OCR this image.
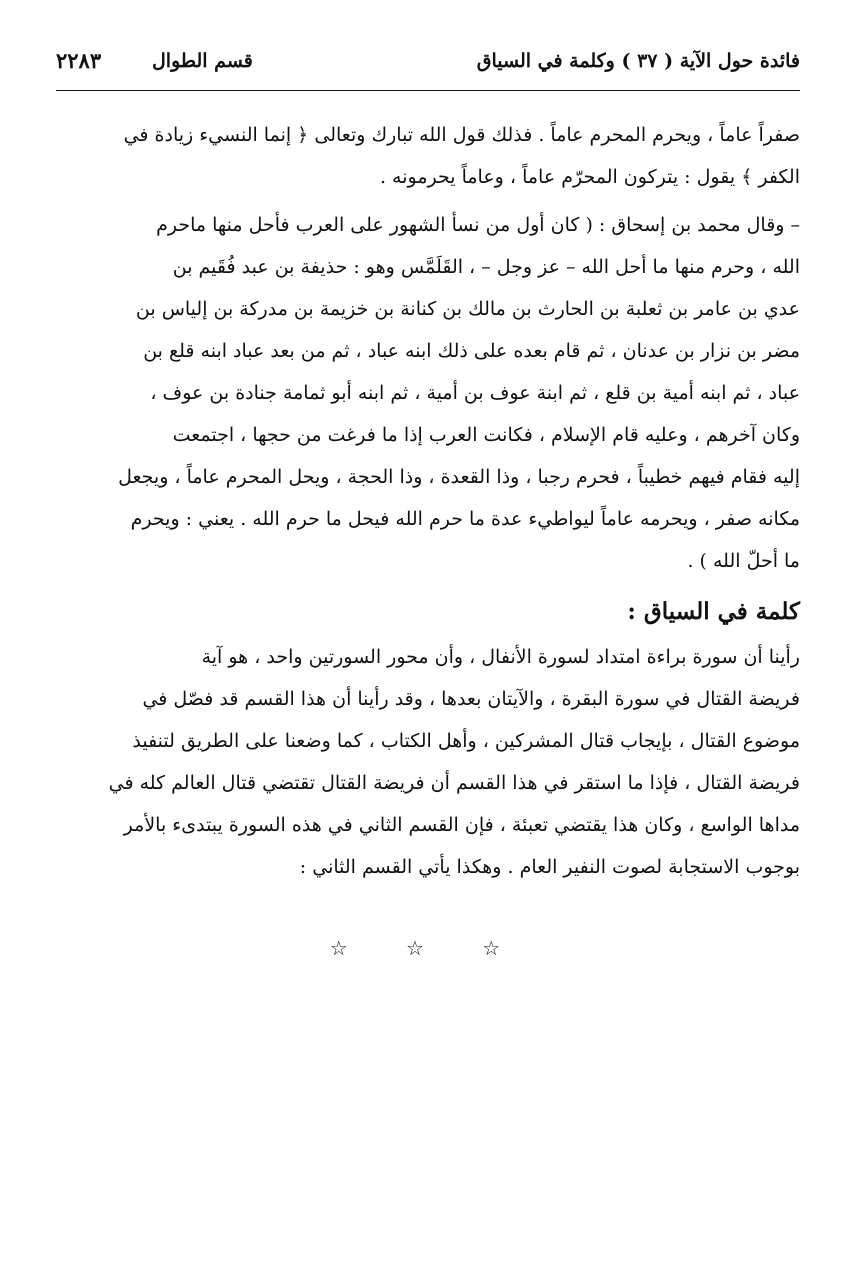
فائدة حول الآية ( ٣٧ ) وكلمة في السياق
قسم الطوال
٢٢٨٣
صفراً عاماً ، ويحرم المحرم عاماً . فذلك قول الله تبارك وتعالى ﴿ إنما النسيء زيادة في
الكفر ﴾ يقول : يتركون المحرّم عاماً ، وعاماً يحرمونه .
– وقال محمد بن إسحاق : ( كان أول من نسأ الشهور على العرب فأحل منها ماحرم
الله ، وحرم منها ما أحل الله – عز وجل – ، القَلَمَّس وهو : حذيفة بن عبد فُقَيم بن
عدي بن عامر بن ثعلبة بن الحارث بن مالك بن كنانة بن خزيمة بن مدركة بن إلياس بن
مضر بن نزار بن عدنان ، ثم قام بعده على ذلك ابنه عباد ، ثم من بعد عباد ابنه قلع بن
عباد ، ثم ابنه أمية بن قلع ، ثم ابنة عوف بن أمية ، ثم ابنه أبو ثمامة جنادة بن عوف ،
وكان آخرهم ، وعليه قام الإسلام ، فكانت العرب إذا ما فرغت من حجها ، اجتمعت
إليه فقام فيهم خطيباً ، فحرم رجبا ، وذا القعدة ، وذا الحجة ، ويحل المحرم عاماً ، ويجعل
مكانه صفر ، ويحرمه عاماً ليواطيء عدة ما حرم الله فيحل ما حرم الله . يعني : ويحرم
ما أحلّ الله ) .
كلمة في السياق :
رأينا أن سورة براءة امتداد لسورة الأنفال ، وأن محور السورتين واحد ، هو آية
فريضة القتال في سورة البقرة ، والآيتان بعدها ، وقد رأينا أن هذا القسم قد فصّل في
موضوع القتال ، بإيجاب قتال المشركين ، وأهل الكتاب ، كما وضعنا على الطريق لتنفيذ
فريضة القتال ، فإذا ما استقر في هذا القسم أن فريضة القتال تقتضي قتال العالم كله في
مداها الواسع ، وكان هذا يقتضي تعبئة ، فإن القسم الثاني في هذه السورة يبتدىء بالأمر
بوجوب الاستجابة لصوت النفير العام . وهكذا يأتي القسم الثاني :
☆ ☆ ☆
